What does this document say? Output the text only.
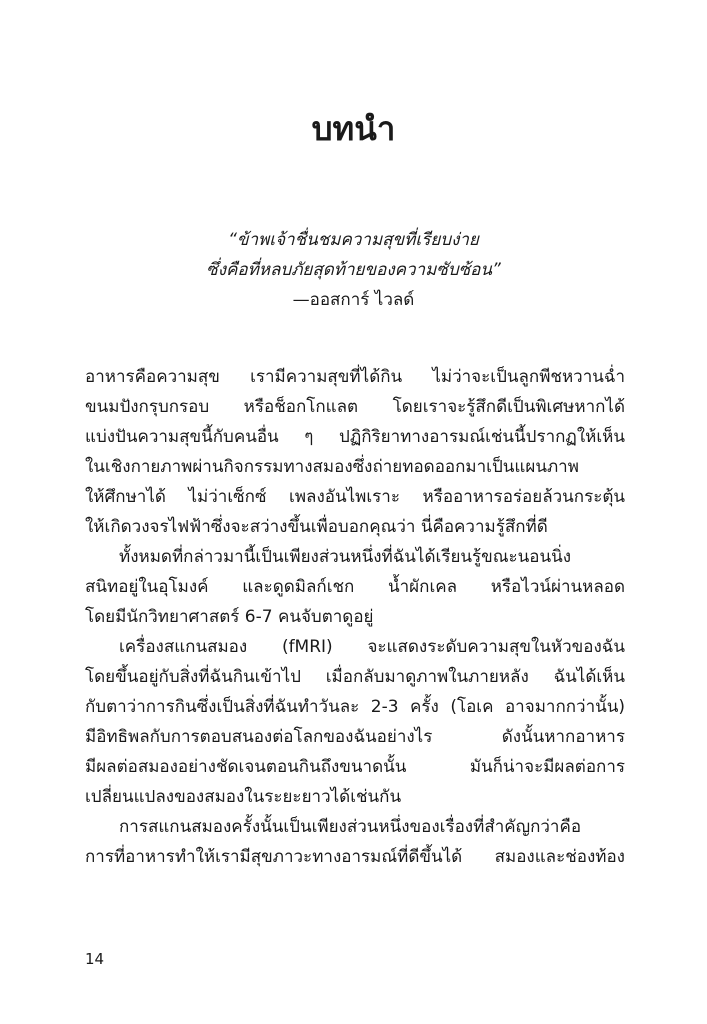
บทนำ
“ข้าพเจ้าชื่นชมความสุขที่เรียบง่าย
ซึ่งคือที่หลบภัยสุดท้ายของความซับซ้อน”
—ออสการ์ ไวลด์
อาหารคือความสุข เรามีความสุขที่ได้กิน ไม่ว่าจะเป็นลูกพีชหวานฉ่ำ
ขนมปังกรุบกรอบ หรือช็อกโกแลต โดยเราจะรู้สึกดีเป็นพิเศษหากได้
แบ่งปันความสุขนี้กับคนอื่น ๆ ปฏิกิริยาทางอารมณ์เช่นนี้ปรากฏให้เห็น
ในเชิงกายภาพผ่านกิจกรรมทางสมองซึ่งถ่ายทอดออกมาเป็นแผนภาพ
ให้ศึกษาได้ ไม่ว่าเซ็กซ์ เพลงอันไพเราะ หรืออาหารอร่อยล้วนกระตุ้น
ให้เกิดวงจรไฟฟ้าซึ่งจะสว่างขึ้นเพื่อบอกคุณว่า นี่คือความรู้สึกที่ดี
ทั้งหมดที่กล่าวมานี้เป็นเพียงส่วนหนึ่งที่ฉันได้เรียนรู้ขณะนอนนิ่ง
สนิทอยู่ในอุโมงค์ และดูดมิลก์เชก น้ำผักเคล หรือไวน์ผ่านหลอด
โดยมีนักวิทยาศาสตร์ 6-7 คนจับตาดูอยู่
เครื่องสแกนสมอง (fMRI) จะแสดงระดับความสุขในหัวของฉัน
โดยขึ้นอยู่กับสิ่งที่ฉันกินเข้าไป เมื่อกลับมาดูภาพในภายหลัง ฉันได้เห็น
กับตาว่าการกินซึ่งเป็นสิ่งที่ฉันทำวันละ 2-3 ครั้ง (โอเค อาจมากกว่านั้น)
มีอิทธิพลกับการตอบสนองต่อโลกของฉันอย่างไร ดังนั้นหากอาหาร
มีผลต่อสมองอย่างชัดเจนตอนกินถึงขนาดนั้น มันก็น่าจะมีผลต่อการ
เปลี่ยนแปลงของสมองในระยะยาวได้เช่นกัน
การสแกนสมองครั้งนั้นเป็นเพียงส่วนหนึ่งของเรื่องที่สำคัญกว่าคือ
การที่อาหารทำให้เรามีสุขภาวะทางอารมณ์ที่ดีขึ้นได้ สมองและช่องท้อง
14
